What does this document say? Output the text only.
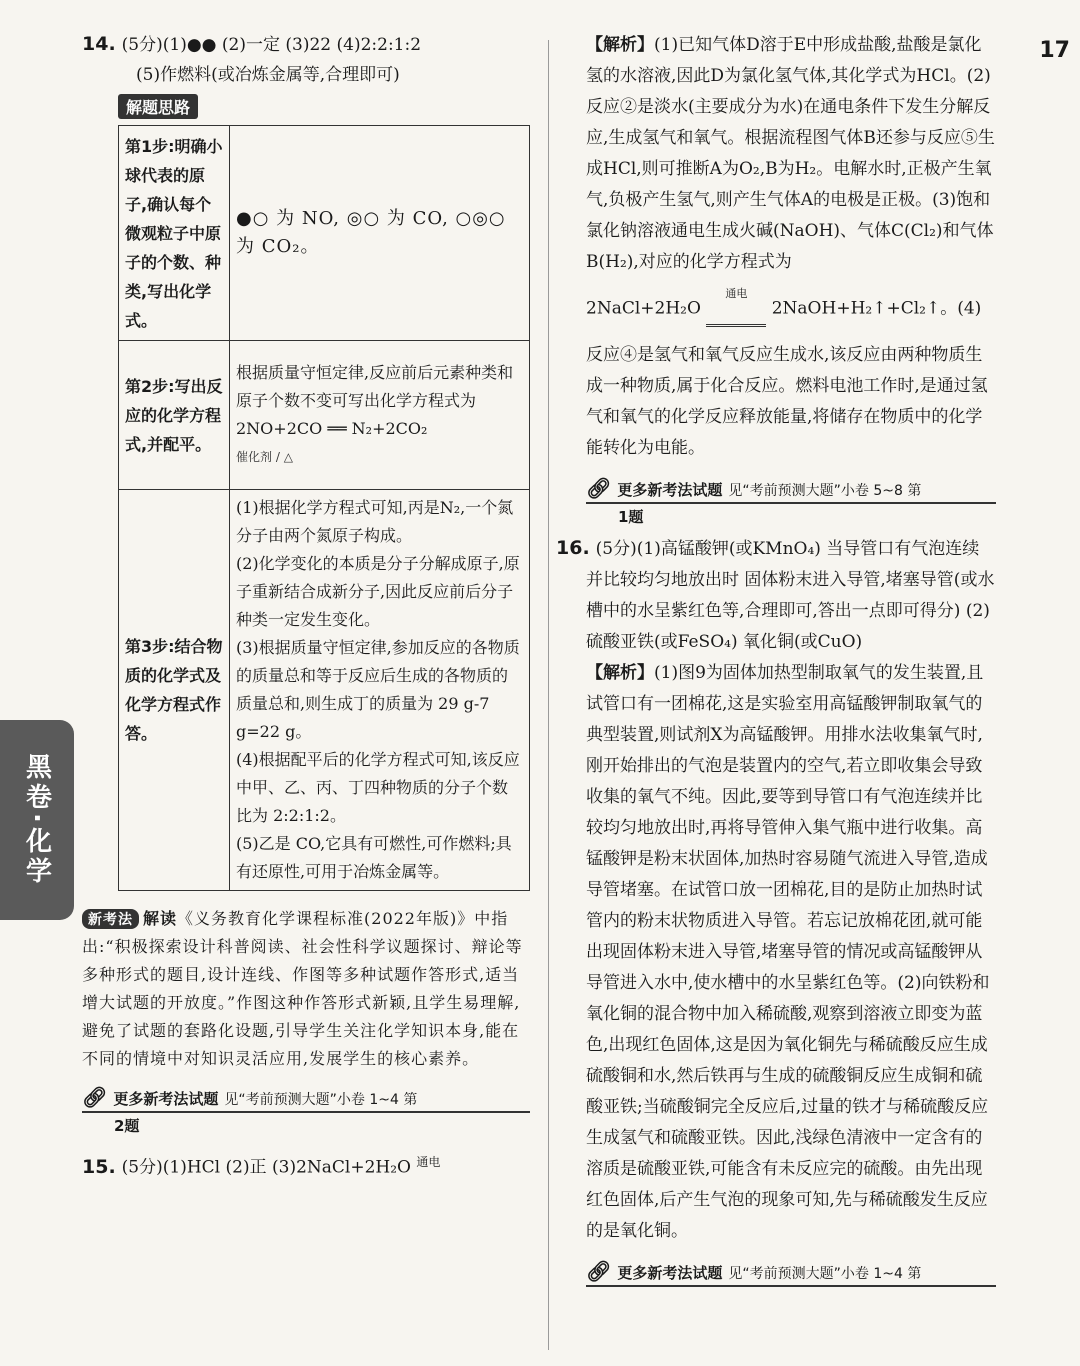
17
黑卷·化学
14. (5分)(1)●● (2)一定 (3)22 (4)2:2:1:2
(5)作燃料(或冶炼金属等,合理即可)
解题思路
第1步:明确小球代表的原子,确认每个微观粒子中原子的个数、种类,写出化学式。	●○ 为 NO, ◎○ 为 CO, ○◎○ 为 CO₂。
第2步:写出反应的化学方程式,并配平。	根据质量守恒定律,反应前后元素种类和原子个数不变可写出化学方程式为 2NO+2CO ══ N₂+2CO₂
催化剂 / △

第3步:结合物质的化学式及化学方程式作答。	(1)根据化学方程式可知,丙是N₂,一个氮分子由两个氮原子构成。
(2)化学变化的本质是分子分解成原子,原子重新结合成新分子,因此反应前后分子种类一定发生变化。
(3)根据质量守恒定律,参加反应的各物质的质量总和等于反应后生成的各物质的质量总和,则生成丁的质量为 29 g-7 g=22 g。
(4)根据配平后的化学方程式可知,该反应中甲、乙、丙、丁四种物质的分子个数比为 2:2:1:2。
(5)乙是 CO,它具有可燃性,可作燃料;具有还原性,可用于冶炼金属等。
新考法 解读《义务教育化学课程标准(2022年版)》中指出:“积极探索设计科普阅读、社会性科学议题探讨、辩论等多种形式的题目,设计连线、作图等多种试题作答形式,适当增大试题的开放度。”作图这种作答形式新颖,且学生易理解,避免了试题的套路化设题,引导学生关注化学知识本身,能在不同的情境中对知识灵活应用,发展学生的核心素养。
🔗︎ 更多新考法试题 见“考前预测大题”小卷 1~4 第
2题
15. (5分)(1)HCl (2)正 (3)2NaCl+2H₂O $^{通电}$
【解析】(1)已知气体D溶于E中形成盐酸,盐酸是氯化氢的水溶液,因此D为氯化氢气体,其化学式为HCl。(2)反应②是淡水(主要成分为水)在通电条件下发生分解反应,生成氢气和氧气。根据流程图气体B还参与反应⑤生成HCl,则可推断A为O₂,B为H₂。电解水时,正极产生氧气,负极产生氢气,则产生气体A的电极是正极。(3)饱和氯化钠溶液通电生成火碱(NaOH)、气体C(Cl₂)和气体B(H₂),对应的化学方程式为 2NaCl+2H₂O 通电
2NaOH+H₂↑+Cl₂↑。(4)反应④是氢气和氧气反应生成水,该反应由两种物质生成一种物质,属于化合反应。燃料电池工作时,是通过氢气和氧气的化学反应释放能量,将储存在物质中的化学能转化为电能。
🔗︎ 更多新考法试题 见“考前预测大题”小卷 5~8 第
1题
16. (5分)(1)高锰酸钾(或KMnO₄) 当导管口有气泡连续并比较均匀地放出时 固体粉末进入导管,堵塞导管(或水槽中的水呈紫红色等,合理即可,答出一点即可得分) (2)硫酸亚铁(或FeSO₄) 氧化铜(或CuO)
【解析】(1)图9为固体加热型制取氧气的发生装置,且试管口有一团棉花,这是实验室用高锰酸钾制取氧气的典型装置,则试剂X为高锰酸钾。用排水法收集氧气时,刚开始排出的气泡是装置内的空气,若立即收集会导致收集的氧气不纯。因此,要等到导管口有气泡连续并比较均匀地放出时,再将导管伸入集气瓶中进行收集。高锰酸钾是粉末状固体,加热时容易随气流进入导管,造成导管堵塞。在试管口放一团棉花,目的是防止加热时试管内的粉末状物质进入导管。若忘记放棉花团,就可能出现固体粉末进入导管,堵塞导管的情况或高锰酸钾从导管进入水中,使水槽中的水呈紫红色等。(2)向铁粉和氧化铜的混合物中加入稀硫酸,观察到溶液立即变为蓝色,出现红色固体,这是因为氧化铜先与稀硫酸反应生成硫酸铜和水,然后铁再与生成的硫酸铜反应生成铜和硫酸亚铁;当硫酸铜完全反应后,过量的铁才与稀硫酸反应生成氢气和硫酸亚铁。因此,浅绿色清液中一定含有的溶质是硫酸亚铁,可能含有未反应完的硫酸。由先出现红色固体,后产生气泡的现象可知,先与稀硫酸发生反应的是氧化铜。
🔗︎ 更多新考法试题 见“考前预测大题”小卷 1~4 第
